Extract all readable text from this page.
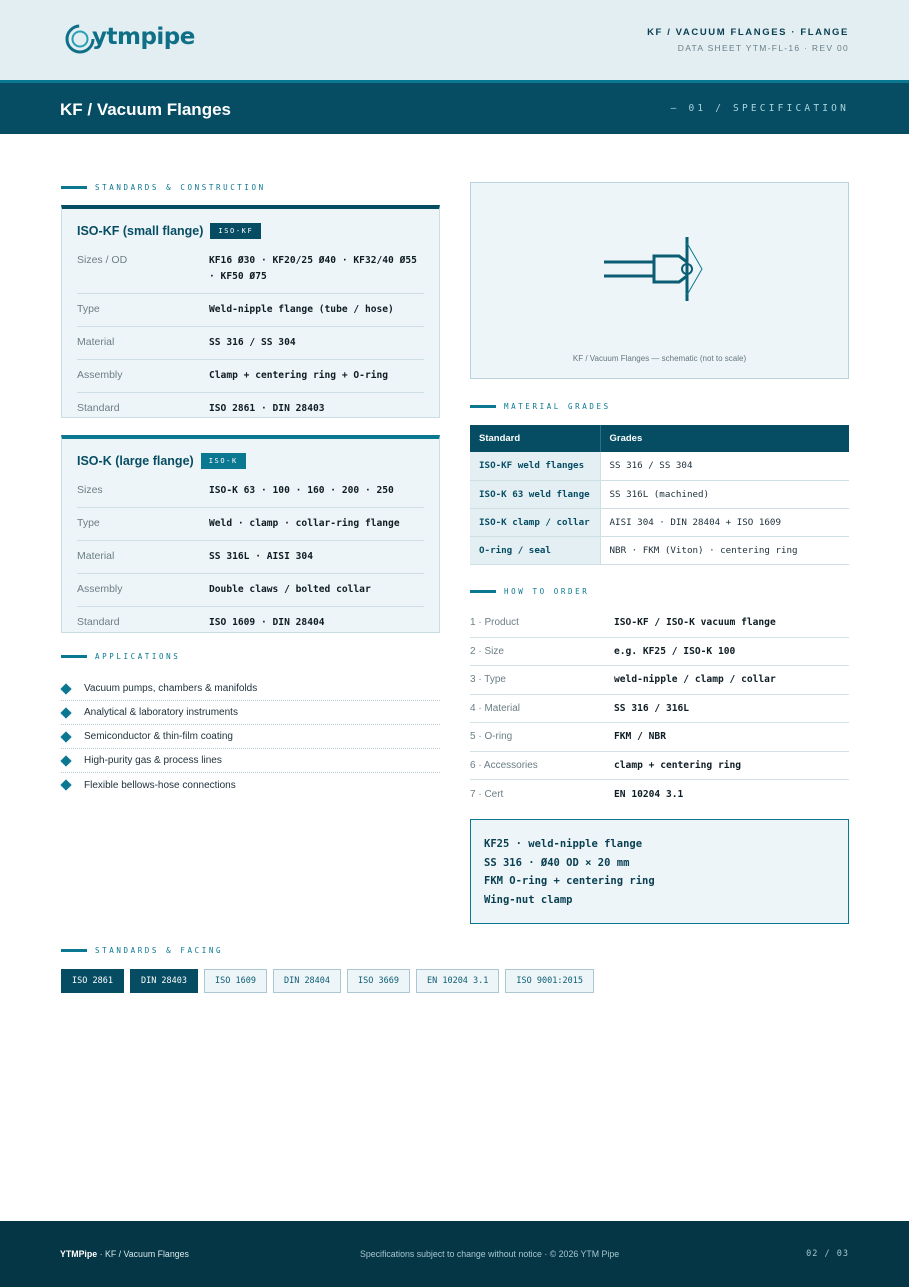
ytmpipe	KF / VACUUM FLANGES · FLANGE
DATA SHEET YTM-FL-16 · REV 00
KF / Vacuum Flanges	— 01 / SPECIFICATION
STANDARDS & CONSTRUCTION
ISO-KF (small flange)	ISO-KF
Sizes / OD	KF16 Ø30 · KF20/25 Ø40 · KF32/40 Ø55 · KF50 Ø75
Type	Weld-nipple flange (tube / hose)
Material	SS 316 / SS 304
Assembly	Clamp + centering ring + O-ring
Standard	ISO 2861 · DIN 28403
ISO-K (large flange)	ISO-K
Sizes	ISO-K 63 · 100 · 160 · 200 · 250
Type	Weld · clamp · collar-ring flange
Material	SS 316L · AISI 304
Assembly	Double claws / bolted collar
Standard	ISO 1609 · DIN 28404
APPLICATIONS
Vacuum pumps, chambers & manifolds
Analytical & laboratory instruments
Semiconductor & thin-film coating
High-purity gas & process lines
Flexible bellows-hose connections
KF / Vacuum Flanges — schematic (not to scale)
MATERIAL GRADES
Standard	Grades
ISO-KF weld flanges	SS 316 / SS 304
ISO-K 63 weld flange	SS 316L (machined)
ISO-K clamp / collar	AISI 304 · DIN 28404 + ISO 1609
O-ring / seal	NBR · FKM (Viton) · centering ring
HOW TO ORDER
1 · Product	ISO-KF / ISO-K vacuum flange
2 · Size	e.g. KF25 / ISO-K 100
3 · Type	weld-nipple / clamp / collar
4 · Material	SS 316 / 316L
5 · O-ring	FKM / NBR
6 · Accessories	clamp + centering ring
7 · Cert	EN 10204 3.1
KF25 · weld-nipple flange
SS 316 · Ø40 OD × 20 mm
FKM O-ring + centering ring
Wing-nut clamp
STANDARDS & FACING
ISO 2861	DIN 28403	ISO 1609	DIN 28404	ISO 3669	EN 10204 3.1	ISO 9001:2015
YTMPipe · KF / Vacuum Flanges	Specifications subject to change without notice · © 2026 YTM Pipe	02 / 03
